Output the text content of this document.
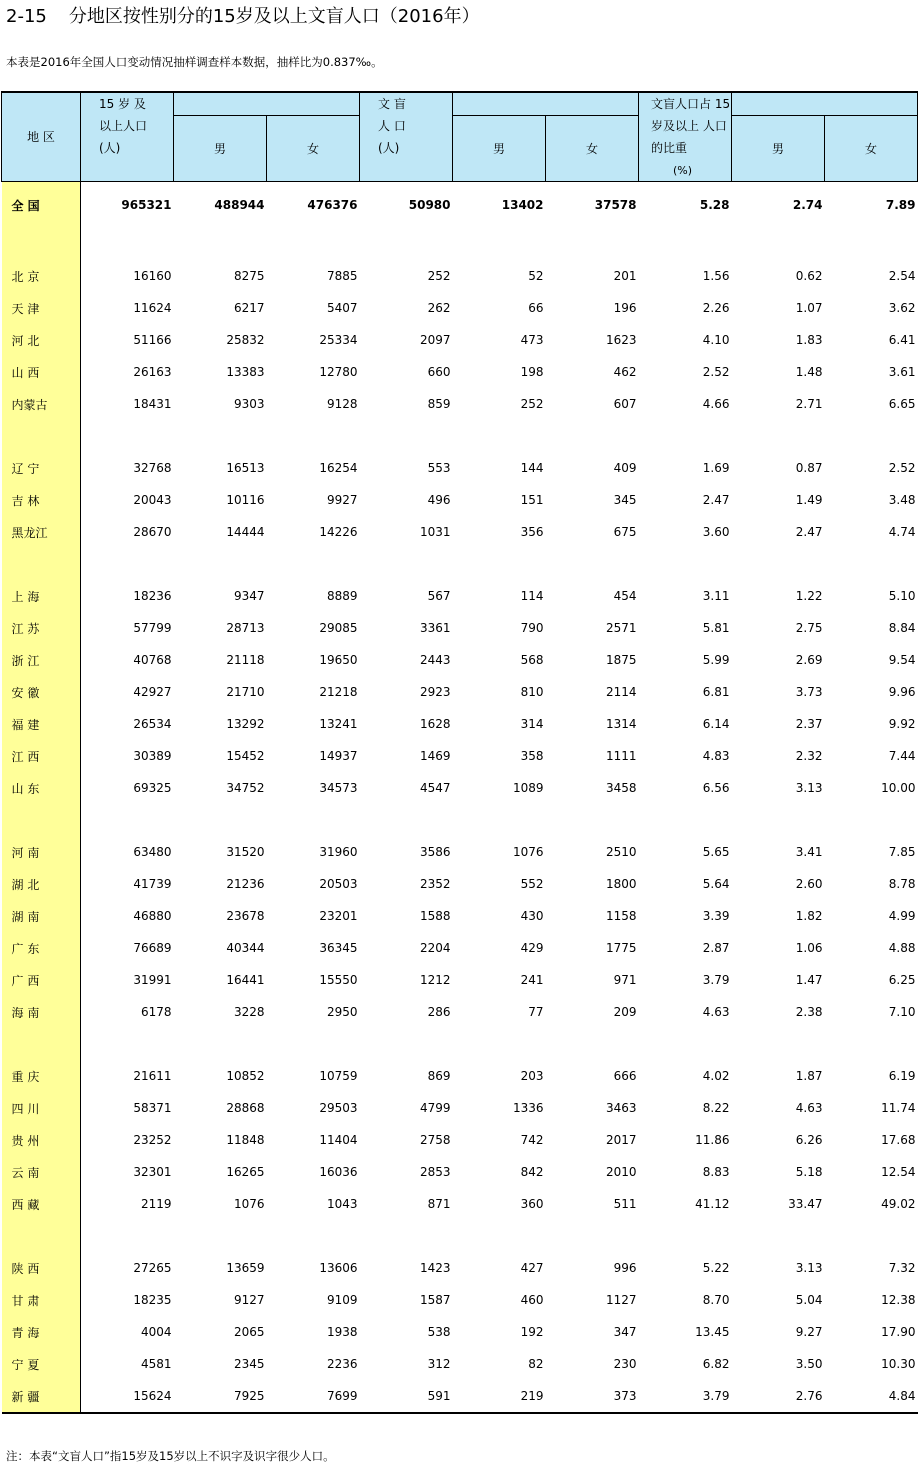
2-15 分地区按性别分的15岁及以上文盲人口（2016年）
本表是2016年全国人口变动情况抽样调查样本数据，抽样比为0.837‰。
地 区	15 岁 及
以上人口
(人)			文 盲
人 口
(人)			文盲人口占 15岁及以上 人口的比重 (%)		
		男	女		男	女		男	女
全 国	965321	488944	476376	50980	13402	37578	5.28	2.74	7.89

北 京	16160	8275	7885	252	52	201	1.56	0.62	2.54
天 津	11624	6217	5407	262	66	196	2.26	1.07	3.62
河 北	51166	25832	25334	2097	473	1623	4.10	1.83	6.41
山 西	26163	13383	12780	660	198	462	2.52	1.48	3.61
内蒙古	18431	9303	9128	859	252	607	4.66	2.71	6.65

辽 宁	32768	16513	16254	553	144	409	1.69	0.87	2.52
吉 林	20043	10116	9927	496	151	345	2.47	1.49	3.48
黑龙江	28670	14444	14226	1031	356	675	3.60	2.47	4.74

上 海	18236	9347	8889	567	114	454	3.11	1.22	5.10
江 苏	57799	28713	29085	3361	790	2571	5.81	2.75	8.84
浙 江	40768	21118	19650	2443	568	1875	5.99	2.69	9.54
安 徽	42927	21710	21218	2923	810	2114	6.81	3.73	9.96
福 建	26534	13292	13241	1628	314	1314	6.14	2.37	9.92
江 西	30389	15452	14937	1469	358	1111	4.83	2.32	7.44
山 东	69325	34752	34573	4547	1089	3458	6.56	3.13	10.00

河 南	63480	31520	31960	3586	1076	2510	5.65	3.41	7.85
湖 北	41739	21236	20503	2352	552	1800	5.64	2.60	8.78
湖 南	46880	23678	23201	1588	430	1158	3.39	1.82	4.99
广 东	76689	40344	36345	2204	429	1775	2.87	1.06	4.88
广 西	31991	16441	15550	1212	241	971	3.79	1.47	6.25
海 南	6178	3228	2950	286	77	209	4.63	2.38	7.10

重 庆	21611	10852	10759	869	203	666	4.02	1.87	6.19
四 川	58371	28868	29503	4799	1336	3463	8.22	4.63	11.74
贵 州	23252	11848	11404	2758	742	2017	11.86	6.26	17.68
云 南	32301	16265	16036	2853	842	2010	8.83	5.18	12.54
西 藏	2119	1076	1043	871	360	511	41.12	33.47	49.02

陕 西	27265	13659	13606	1423	427	996	5.22	3.13	7.32
甘 肃	18235	9127	9109	1587	460	1127	8.70	5.04	12.38
青 海	4004	2065	1938	538	192	347	13.45	9.27	17.90
宁 夏	4581	2345	2236	312	82	230	6.82	3.50	10.30
新 疆	15624	7925	7699	591	219	373	3.79	2.76	4.84
注：本表“文盲人口”指15岁及15岁以上不识字及识字很少人口。
